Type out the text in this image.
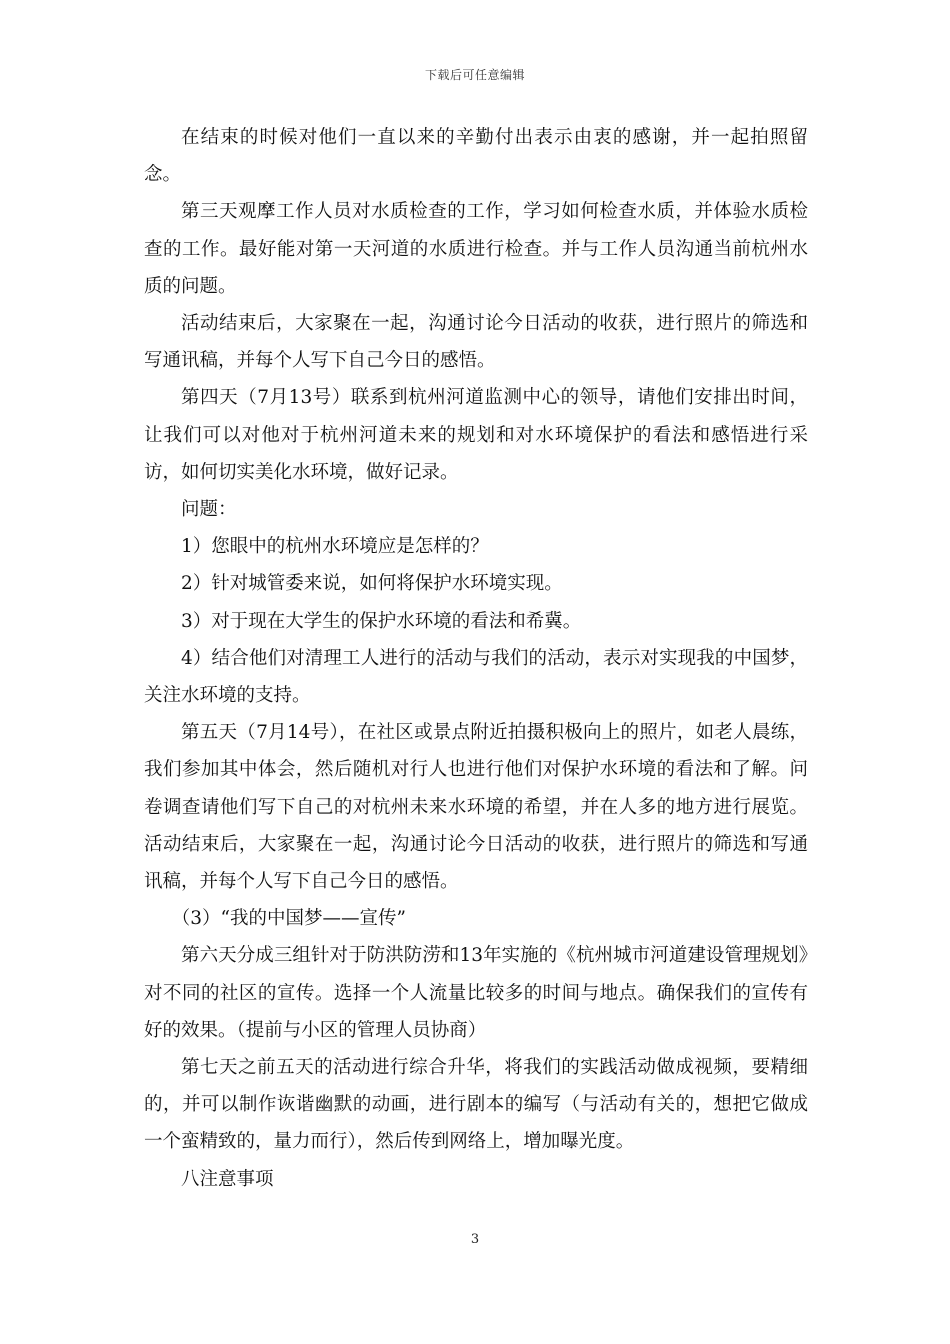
下载后可任意编辑

在结束的时候对他们一直以来的辛勤付出表示由衷的感谢，并一起拍照留念。

第三天观摩工作人员对水质检查的工作，学习如何检查水质，并体验水质检查的工作。最好能对第一天河道的水质进行检查。并与工作人员沟通当前杭州水质的问题。

活动结束后，大家聚在一起，沟通讨论今日活动的收获，进行照片的筛选和写通讯稿，并每个人写下自己今日的感悟。

第四天（7月13号）联系到杭州河道监测中心的领导，请他们安排出时间，让我们可以对他对于杭州河道未来的规划和对水环境保护的看法和感悟进行采访，如何切实美化水环境，做好记录。

问题：

1）您眼中的杭州水环境应是怎样的？

2）针对城管委来说，如何将保护水环境实现。

3）对于现在大学生的保护水环境的看法和希冀。

4）结合他们对清理工人进行的活动与我们的活动，表示对实现我的中国梦，关注水环境的支持。

第五天（7月14号），在社区或景点附近拍摄积极向上的照片，如老人晨练，我们参加其中体会，然后随机对行人也进行他们对保护水环境的看法和了解。问卷调查请他们写下自己的对杭州未来水环境的希望，并在人多的地方进行展览。活动结束后，大家聚在一起，沟通讨论今日活动的收获，进行照片的筛选和写通讯稿，并每个人写下自己今日的感悟。

（3）“我的中国梦——宣传”

第六天分成三组针对于防洪防涝和13年实施的《杭州城市河道建设管理规划》对不同的社区的宣传。选择一个人流量比较多的时间与地点。确保我们的宣传有好的效果。（提前与小区的管理人员协商）

第七天之前五天的活动进行综合升华，将我们的实践活动做成视频，要精细的，并可以制作诙谐幽默的动画，进行剧本的编写（与活动有关的，想把它做成一个蛮精致的，量力而行），然后传到网络上，增加曝光度。

八注意事项

3
